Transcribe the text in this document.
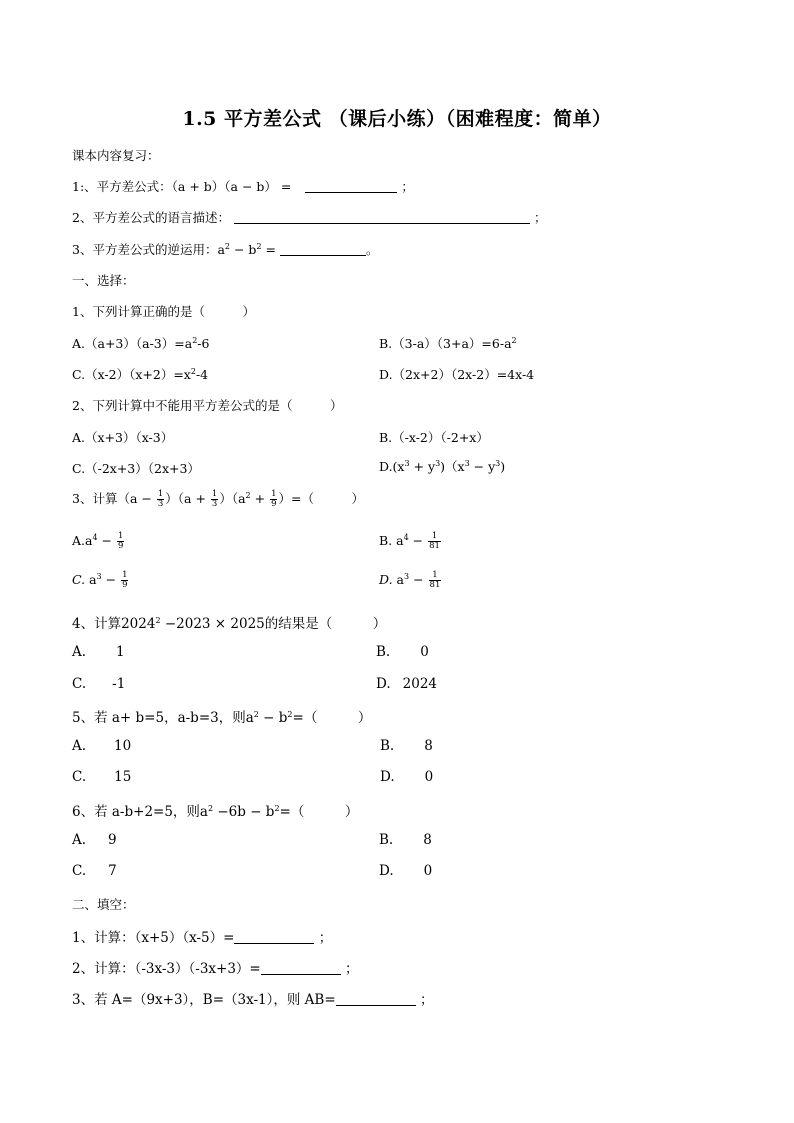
1.5 平方差公式 （课后小练）（困难程度：简单）
课本内容复习：
1:、平方差公式：（a + b）（a − b） =	；
2、平方差公式的语言描述：	；
3、平方差公式的逆运用：$a^2 - b^2$ =	。
一、选择：
1、下列计算正确的是（　　　）
$A.(a+3)(a-3)=a^2-6$	$B.(3-a)(3+a)=6-a^2$
$C.(x-2)(x+2)=x^2-4$	D.（2x+2）（2x-2）=4x-4
2、下列计算中不能用平方差公式的是（　　　）
A.（x+3）（x-3）	B.（-x-2）（-2+x）
C.（-2x+3）（2x+3）	$D.(x^3 + y^3)(x^3 - y^3)$
3、计算$(a - \frac{1}{3} )(a + \frac{1}{3} )(a^2 + \frac{1}{9}$ ）=（　　　）
$A.a^4 - \frac{1}{9}$	B. $a^4 - \frac{1}{81}$
C. $a^3 - \frac{1}{9}$	D. $a^3 - \frac{1}{81}$
4、计算$2024^2 -2023 \times 2025$的结果是（　　　）
A. 1	B. 0
C. -1	D. 2024
5、若 a+ b=5，a-b=3，则$a^2 - b^2=$（　　　）
A. 10	B. 8
C. 15	D. 0
6、若 a-b+2=5，则$a^2 -6b - b^2=$（　　　）
A. 9	B. 8
C. 7	D. 0
二、填空：
1、计算：（x+5）（x-5）=	；
2、计算：（-3x-3）（-3x+3）=	；
3、若 A=（9x+3），B=（3x-1），则 AB=	；
